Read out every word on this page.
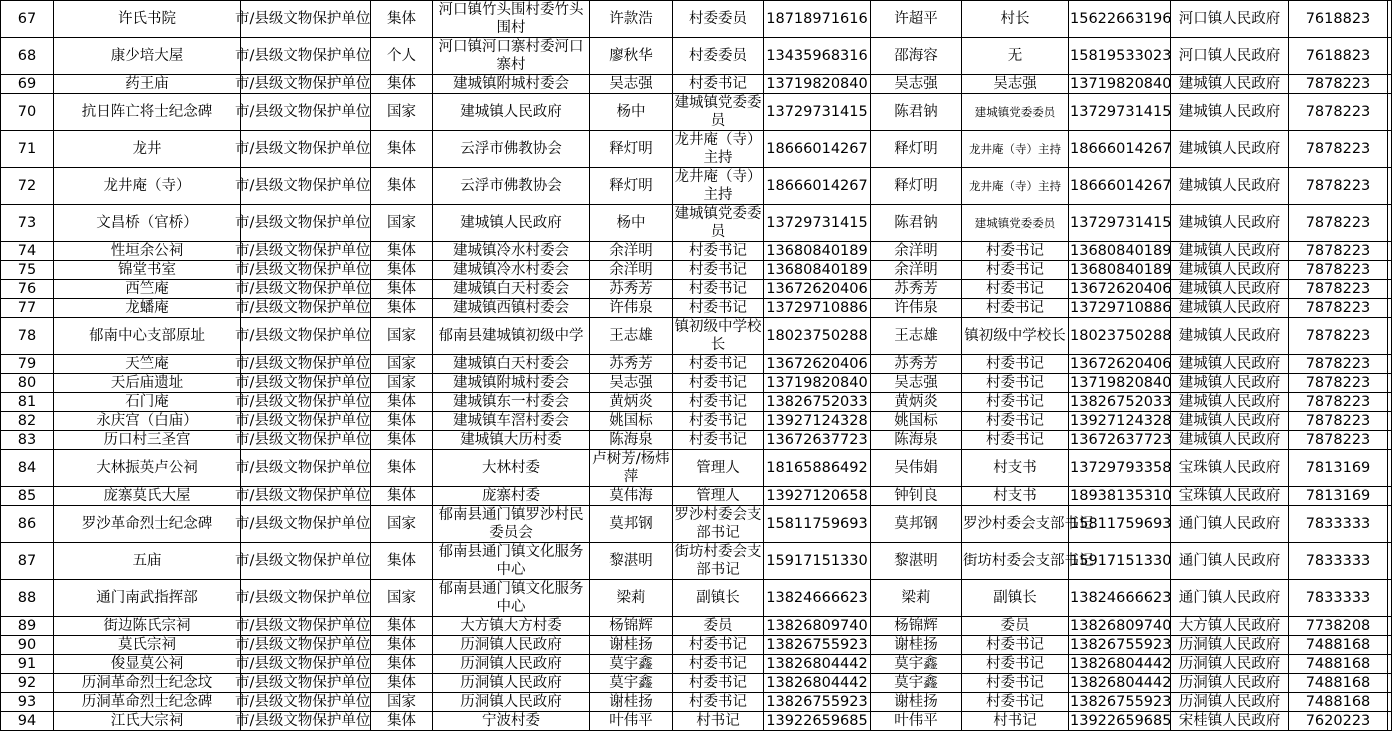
67	许氏书院	市/县级文物保护单位	集体	河口镇竹头围村委竹头围村	许款浩	村委委员	18718971616	许超平	村长	15622663196	河口镇人民政府	7618823	
68	康少培大屋	市/县级文物保护单位	个人	河口镇河口寨村委河口寨村	廖秋华	村委委员	13435968316	邵海容	无	15819533023	河口镇人民政府	7618823	
69	药王庙	市/县级文物保护单位	集体	建城镇附城村委会	吴志强	村委书记	13719820840	吴志强	吴志强	13719820840	建城镇人民政府	7878223	
70	抗日阵亡将士纪念碑	市/县级文物保护单位	国家	建城镇人民政府	杨中	建城镇党委委员	13729731415	陈君钠	建城镇党委委员	13729731415	建城镇人民政府	7878223	
71	龙井	市/县级文物保护单位	集体	云浮市佛教协会	释灯明	龙井庵（寺）主持	18666014267	释灯明	龙井庵（寺）主持	18666014267	建城镇人民政府	7878223	
72	龙井庵（寺）	市/县级文物保护单位	集体	云浮市佛教协会	释灯明	龙井庵（寺）主持	18666014267	释灯明	龙井庵（寺）主持	18666014267	建城镇人民政府	7878223	
73	文昌桥（官桥）	市/县级文物保护单位	国家	建城镇人民政府	杨中	建城镇党委委员	13729731415	陈君钠	建城镇党委委员	13729731415	建城镇人民政府	7878223	
74	性垣余公祠	市/县级文物保护单位	集体	建城镇冷水村委会	余洋明	村委书记	13680840189	余洋明	村委书记	13680840189	建城镇人民政府	7878223	
75	锦堂书室	市/县级文物保护单位	集体	建城镇冷水村委会	余洋明	村委书记	13680840189	余洋明	村委书记	13680840189	建城镇人民政府	7878223	
76	西竺庵	市/县级文物保护单位	集体	建城镇白天村委会	苏秀芳	村委书记	13672620406	苏秀芳	村委书记	13672620406	建城镇人民政府	7878223	
77	龙蟠庵	市/县级文物保护单位	集体	建城镇西镇村委会	许伟泉	村委书记	13729710886	许伟泉	村委书记	13729710886	建城镇人民政府	7878223	
78	郁南中心支部原址	市/县级文物保护单位	国家	郁南县建城镇初级中学	王志雄	镇初级中学校长	18023750288	王志雄	镇初级中学校长	18023750288	建城镇人民政府	7878223	
79	天竺庵	市/县级文物保护单位	国家	建城镇白天村委会	苏秀芳	村委书记	13672620406	苏秀芳	村委书记	13672620406	建城镇人民政府	7878223	
80	天后庙遗址	市/县级文物保护单位	国家	建城镇附城村委会	吴志强	村委书记	13719820840	吴志强	村委书记	13719820840	建城镇人民政府	7878223	
81	石门庵	市/县级文物保护单位	集体	建城镇东一村委会	黄炳炎	村委书记	13826752033	黄炳炎	村委书记	13826752033	建城镇人民政府	7878223	
82	永庆宫（白庙）	市/县级文物保护单位	集体	建城镇车滘村委会	姚国标	村委书记	13927124328	姚国标	村委书记	13927124328	建城镇人民政府	7878223	
83	历口村三圣宫	市/县级文物保护单位	集体	建城镇大历村委	陈海泉	村委书记	13672637723	陈海泉	村委书记	13672637723	建城镇人民政府	7878223	
84	大林振英卢公祠	市/县级文物保护单位	集体	大林村委	卢树芳/杨炜萍	管理人	18165886492	吴伟娟	村支书	13729793358	宝珠镇人民政府	7813169	
85	庞寨莫氏大屋	市/县级文物保护单位	集体	庞寨村委	莫伟海	管理人	13927120658	钟钊良	村支书	18938135310	宝珠镇人民政府	7813169	
86	罗沙革命烈士纪念碑	市/县级文物保护单位	国家	郁南县通门镇罗沙村民委员会	莫邦钢	罗沙村委会支部书记	15811759693	莫邦钢	罗沙村委会支部书记	15811759693	通门镇人民政府	7833333	
87	五庙	市/县级文物保护单位	集体	郁南县通门镇文化服务中心	黎湛明	街坊村委会支部书记	15917151330	黎湛明	街坊村委会支部书记	15917151330	通门镇人民政府	7833333	
88	通门南武指挥部	市/县级文物保护单位	国家	郁南县通门镇文化服务中心	梁莉	副镇长	13824666623	梁莉	副镇长	13824666623	通门镇人民政府	7833333	
89	街边陈氏宗祠	市/县级文物保护单位	集体	大方镇大方村委	杨锦辉	委员	13826809740	杨锦辉	委员	13826809740	大方镇人民政府	7738208	
90	莫氏宗祠	市/县级文物保护单位	集体	历洞镇人民政府	谢桂扬	村委书记	13826755923	谢桂扬	村委书记	13826755923	历洞镇人民政府	7488168	
91	俊显莫公祠	市/县级文物保护单位	集体	历洞镇人民政府	莫宇鑫	村委书记	13826804442	莫宇鑫	村委书记	13826804442	历洞镇人民政府	7488168	
92	历洞革命烈士纪念坟	市/县级文物保护单位	集体	历洞镇人民政府	莫宇鑫	村委书记	13826804442	莫宇鑫	村委书记	13826804442	历洞镇人民政府	7488168	
93	历洞革命烈士纪念碑	市/县级文物保护单位	国家	历洞镇人民政府	谢桂扬	村委书记	13826755923	谢桂扬	村委书记	13826755923	历洞镇人民政府	7488168	
94	江氏大宗祠	市/县级文物保护单位	集体	宁波村委	叶伟平	村书记	13922659685	叶伟平	村书记	13922659685	宋桂镇人民政府	7620223	
